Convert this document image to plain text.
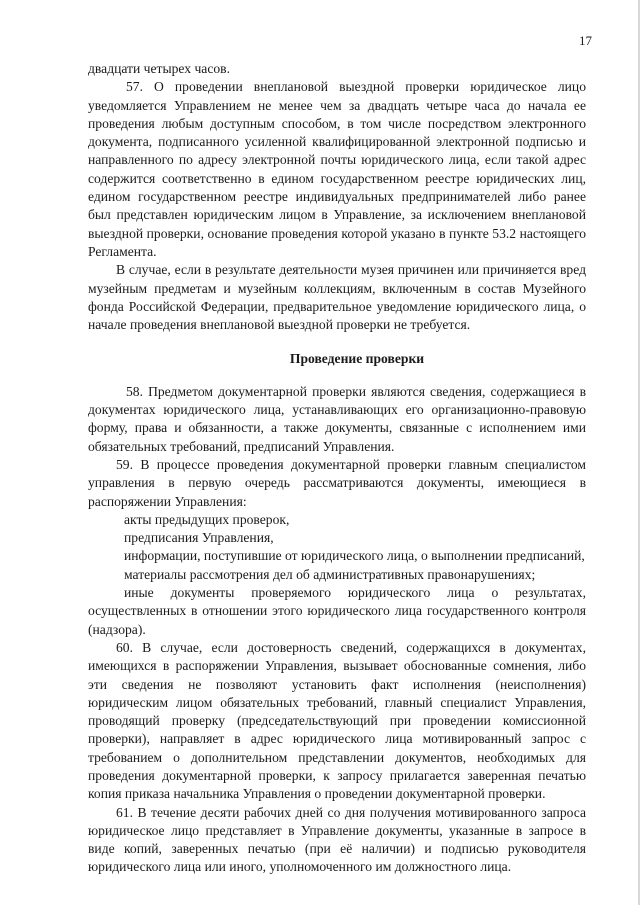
17

двадцати четырех часов.

57. О проведении внеплановой выездной проверки юридическое лицо уведомляется Управлением не менее чем за двадцать четыре часа до начала ее проведения любым доступным способом, в том числе посредством электронного документа, подписанного усиленной квалифицированной электронной подписью и направленного по адресу электронной почты юридического лица, если такой адрес содержится соответственно в едином государственном реестре юридических лиц, едином государственном реестре индивидуальных предпринимателей либо ранее был представлен юридическим лицом в Управление, за исключением внеплановой выездной проверки, основание проведения которой указано в пункте 53.2 настоящего Регламента.

В случае, если в результате деятельности музея причинен или причиняется вред музейным предметам и музейным коллекциям, включенным в состав Музейного фонда Российской Федерации, предварительное уведомление юридического лица, о начале проведения внеплановой выездной проверки не требуется.

Проведение проверки

58. Предметом документарной проверки являются сведения, содержащиеся в документах юридического лица, устанавливающих его организационно-правовую форму, права и обязанности, а также документы, связанные с исполнением ими обязательных требований, предписаний Управления.

59. В процессе проведения документарной проверки главным специалистом управления в первую очередь рассматриваются документы, имеющиеся в распоряжении Управления:

акты предыдущих проверок,

предписания Управления,

информации, поступившие от юридического лица, о выполнении предписаний,

материалы рассмотрения дел об административных правонарушениях;

иные документы проверяемого юридического лица о результатах, осуществленных в отношении этого юридического лица государственного контроля (надзора).

60. В случае, если достоверность сведений, содержащихся в документах, имеющихся в распоряжении Управления, вызывает обоснованные сомнения, либо эти сведения не позволяют установить факт исполнения (неисполнения) юридическим лицом обязательных требований, главный специалист Управления, проводящий проверку (председательствующий при проведении комиссионной проверки), направляет в адрес юридического лица мотивированный запрос с требованием о дополнительном представлении документов, необходимых для проведения документарной проверки, к запросу прилагается заверенная печатью копия приказа начальника Управления о проведении документарной проверки.

61. В течение десяти рабочих дней со дня получения мотивированного запроса юридическое лицо представляет в Управление документы, указанные в запросе в виде копий, заверенных печатью (при её наличии) и подписью руководителя юридического лица или иного, уполномоченного им должностного лица.
